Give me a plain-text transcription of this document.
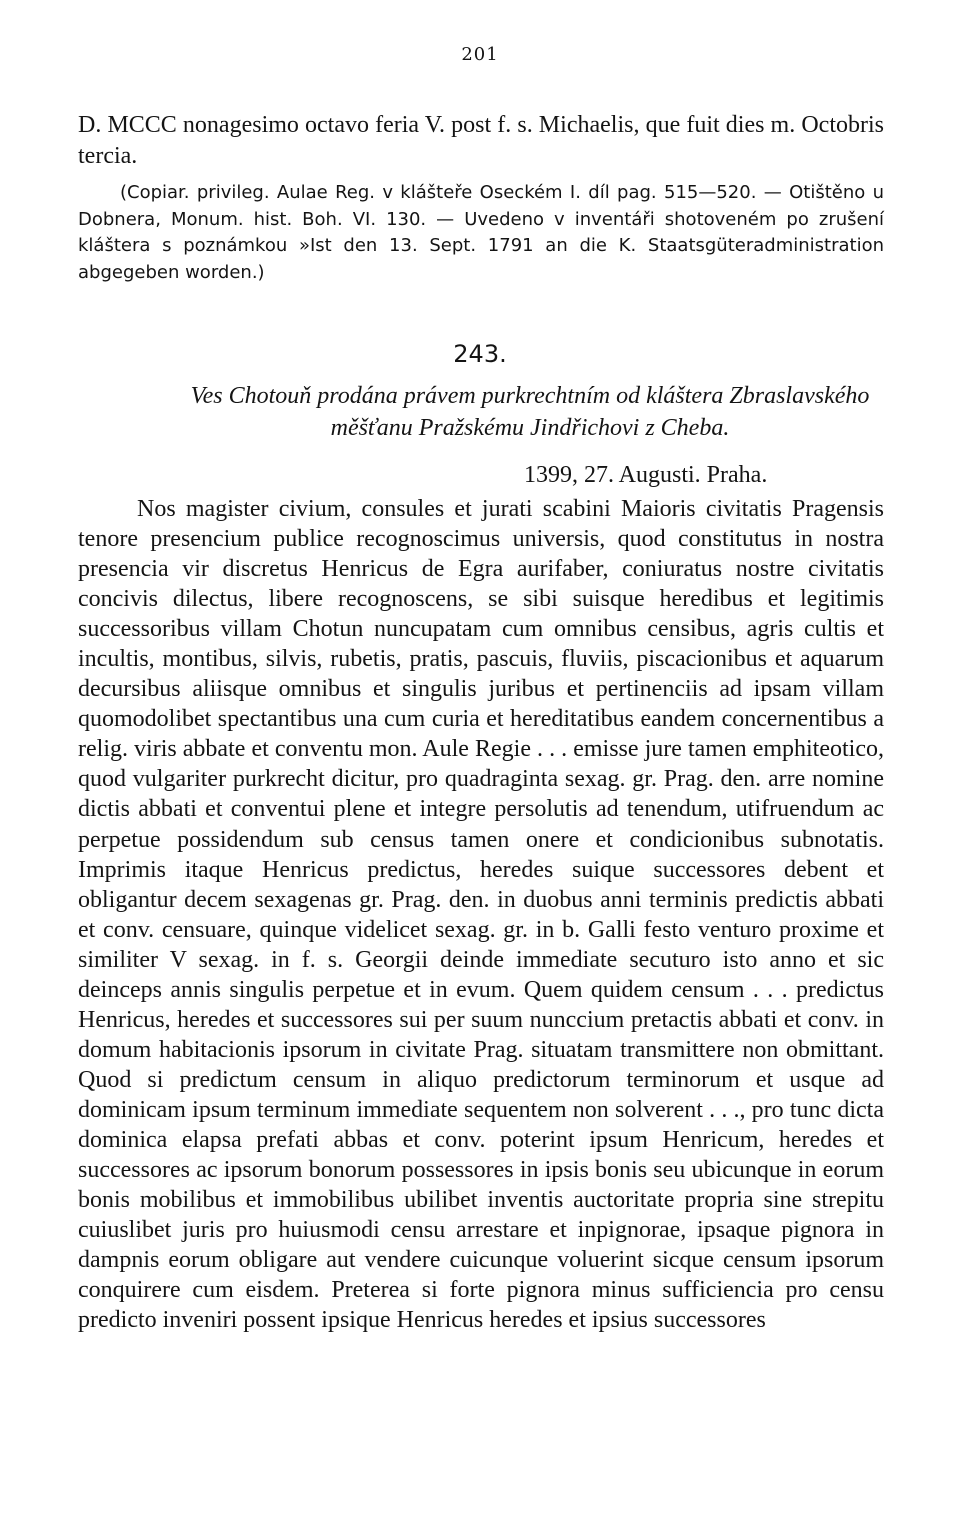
201

D. MCCC nonagesimo octavo feria V. post f. s. Michaelis, que fuit dies m. Octobris tercia.

(Copiar. privileg. Aulae Reg. v klášteře Oseckém I. díl pag. 515—520. — Otištěno u Dobnera, Monum. hist. Boh. VI. 130. — Uvedeno v inventáři shotoveném po zrušení kláštera s poznámkou »Ist den 13. Sept. 1791 an die K. Staatsgüteradministration abgegeben worden.)

243.
Ves Chotouň prodána právem purkrechtním od kláštera Zbraslavského měšťanu Pražskému Jindřichovi z Cheba.
1399, 27. Augusti. Praha.

Nos magister civium, consules et jurati scabini Maioris civitatis Pragensis tenore presencium publice recognoscimus universis, quod constitutus in nostra presencia vir discretus Henricus de Egra aurifaber, coniuratus nostre civitatis concivis dilectus, libere recognoscens, se sibi suisque heredibus et legitimis successoribus villam Chotun nuncupatam cum omnibus censibus, agris cultis et incultis, montibus, silvis, rubetis, pratis, pascuis, fluviis, piscacionibus et aquarum decursibus aliisque omnibus et singulis juribus et pertinenciis ad ipsam villam quomodolibet spectantibus una cum curia et hereditatibus eandem concernentibus a relig. viris abbate et conventu mon. Aule Regie . . . emisse jure tamen emphiteotico, quod vulgariter purkrecht dicitur, pro quadraginta sexag. gr. Prag. den. arre nomine dictis abbati et conventui plene et integre persolutis ad tenendum, utifruendum ac perpetue possidendum sub census tamen onere et condicionibus subnotatis. Imprimis itaque Henricus predictus, heredes suique successores debent et obligantur decem sexagenas gr. Prag. den. in duobus anni terminis predictis abbati et conv. censuare, quinque videlicet sexag. gr. in b. Galli festo venturo proxime et similiter V sexag. in f. s. Georgii deinde immediate secuturo isto anno et sic deinceps annis singulis perpetue et in evum. Quem quidem censum . . . predictus Henricus, heredes et successores sui per suum nunccium pretactis abbati et conv. in domum habitacionis ipsorum in civitate Prag. situatam transmittere non obmittant. Quod si predictum censum in aliquo predictorum terminorum et usque ad dominicam ipsum terminum immediate sequentem non solverent . . ., pro tunc dicta dominica elapsa prefati abbas et conv. poterint ipsum Henricum, heredes et successores ac ipsorum bonorum possessores in ipsis bonis seu ubicunque in eorum bonis mobilibus et immobilibus ubilibet inventis auctoritate propria sine strepitu cuiuslibet juris pro huiusmodi censu arrestare et inpignorae, ipsaque pignora in dampnis eorum obligare aut vendere cuicunque voluerint sicque censum ipsorum conquirere cum eisdem. Preterea si forte pignora minus sufficiencia pro censu predicto inveniri possent ipsique Henricus heredes et ipsius successores
